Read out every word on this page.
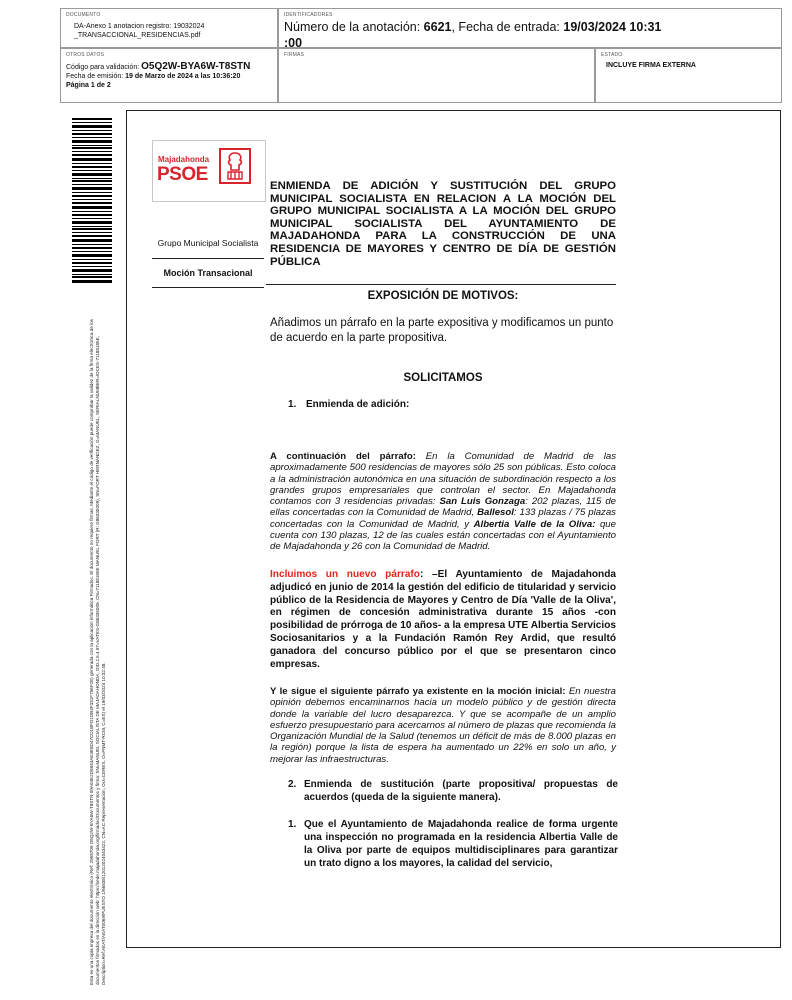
DOCUMENTO
DA-Anexo 1 anotacion registro: 19032024 _TRANSACCIONAL_RESIDENCIAS.pdf
IDENTIFICADORES
Número de la anotación: 6621, Fecha de entrada: 19/03/2024 10:31
:00
OTROS DATOS
Código para validación: O5Q2W-BYA6W-T8STN
Fecha de emisión: 19 de Marzo de 2024 a las 10:36:20
Página 1 de 2
FIRMAS	ESTADO
INCLUYE FIRMA EXTERNA
Esta es una copia impresa del documento electrónico (Ref: 2958709 O5Q2W-BYA6W-T8STN 09A04E2D5844AE3E8D47CD1BFD1DB4F331F756F2E) generada con la aplicación informática Firmadoc. El documento no requiere firmas. Mediante el código de verificación puede comprobar la validez de la firma electrónica de los documentos firmados en la dirección web: https://sede.majadahonda.org/firmadoc/Documentos y firma: SN=MANUEL SOCIALISTA DE MAJADAHONDA, OID.2.5.4.97=VATES-G86335009, CN=71188185E MANUEL FORT (R: G86335009), SN=FORT HERNÁNDEZ, G=MANUEL, SERIALNUMBER=IDCES-71188185E, Description=Ref:AEAT/AEAT0069/PUESTO 1/66838/12012024043422, CN=AC Representación, OU=CERES, O=FNMT-RCM, C=ES) el 19/03/2024 10:32:48.
Majadahonda
PSOE
Grupo Municipal Socialista
Moción Transacional
ENMIENDA DE ADICIÓN Y SUSTITUCIÓN DEL GRUPO MUNICIPAL SOCIALISTA EN RELACION A LA MOCIÓN DEL GRUPO MUNICIPAL SOCIALISTA A LA MOCIÓN DEL GRUPO MUNICIPAL SOCIALISTA DEL AYUNTAMIENTO DE MAJADAHONDA PARA LA CONSTRUCCIÓN DE UNA RESIDENCIA DE MAYORES Y CENTRO DE DÍA DE GESTIÓN PÚBLICA
EXPOSICIÓN DE MOTIVOS:
Añadimos un párrafo en la parte expositiva y modificamos un punto de acuerdo en la parte propositiva.
SOLICITAMOS
1. Enmienda de adición:
A continuación del párrafo: En la Comunidad de Madrid de las aproximadamente 500 residencias de mayores sólo 25 son públicas. Esto coloca a la administración autonómica en una situación de subordinación respecto a los grandes grupos empresariales que controlan el sector. En Majadahonda contamos con 3 residencias privadas: San Luis Gonzaga: 202 plazas, 115 de ellas concertadas con la Comunidad de Madrid, Ballesol: 133 plazas / 75 plazas concertadas con la Comunidad de Madrid, y Albertia Valle de la Oliva: que cuenta con 130 plazas, 12 de las cuales están concertadas con el Ayuntamiento de Majadahonda y 26 con la Comunidad de Madrid.
Incluimos un nuevo párrafo: –El Ayuntamiento de Majadahonda adjudicó en junio de 2014 la gestión del edificio de titularidad y servicio público de la Residencia de Mayores y Centro de Día 'Valle de la Oliva', en régimen de concesión administrativa durante 15 años -con posibilidad de prórroga de 10 años- a la empresa UTE Albertia Servicios Sociosanitarios y a la Fundación Ramón Rey Ardid, que resultó ganadora del concurso público por el que se presentaron cinco empresas.
Y le sigue el siguiente párrafo ya existente en la moción inicial: En nuestra opinión debemos encaminarnos hacia un modelo público y de gestión directa donde la variable del lucro desaparezca. Y que se acompañe de un amplio esfuerzo presupuestario para acercarnos al número de plazas que recomienda la Organización Mundial de la Salud (tenemos un déficit de más de 8.000 plazas en la región) porque la lista de espera ha aumentado un 22% en solo un año, y mejorar las infraestructuras.
2. Enmienda de sustitución (parte propositiva/ propuestas de acuerdos (queda de la siguiente manera).
1. Que el Ayuntamiento de Majadahonda realice de forma urgente una inspección no programada en la residencia Albertia Valle de la Oliva por parte de equipos multidisciplinares para garantizar un trato digno a los mayores, la calidad del servicio,
